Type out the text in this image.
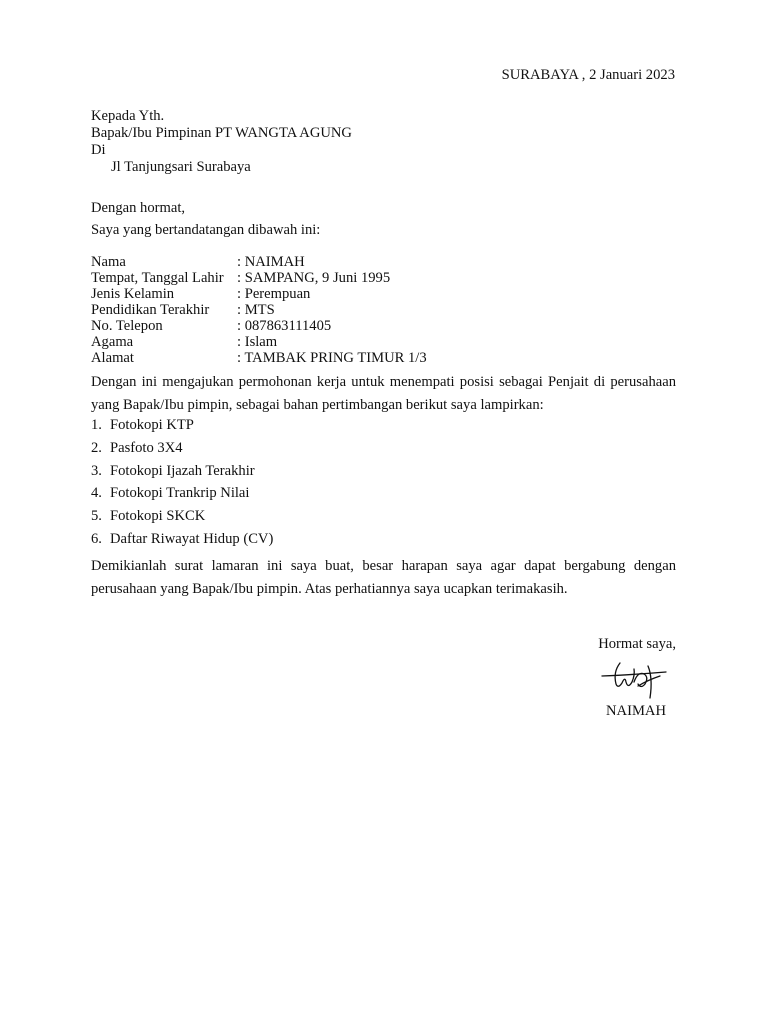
SURABAYA , 2 Januari 2023
Kepada Yth.
Bapak/Ibu Pimpinan PT WANGTA AGUNG
Di
Jl Tanjungsari Surabaya
Dengan hormat,
Saya yang bertandatangan dibawah ini:
Nama	: NAIMAH
Tempat, Tanggal Lahir : SAMPANG, 9 Juni 1995
Jenis Kelamin	: Perempuan
Pendidikan Terakhir	: MTS
No. Telepon	: 087863111405
Agama	: Islam
Alamat	: TAMBAK PRING TIMUR 1/3
Dengan ini mengajukan permohonan kerja untuk menempati posisi sebagai Penjait di perusahaan yang Bapak/Ibu pimpin, sebagai bahan pertimbangan berikut saya lampirkan:
1. Fotokopi KTP
2. Pasfoto 3X4
3. Fotokopi Ijazah Terakhir
4. Fotokopi Trankrip Nilai
5. Fotokopi SKCK
6. Daftar Riwayat Hidup (CV)
Demikianlah surat lamaran ini saya buat, besar harapan saya agar dapat bergabung dengan perusahaan yang Bapak/Ibu pimpin. Atas perhatiannya saya ucapkan terimakasih.
Hormat saya,
NAIMAH
